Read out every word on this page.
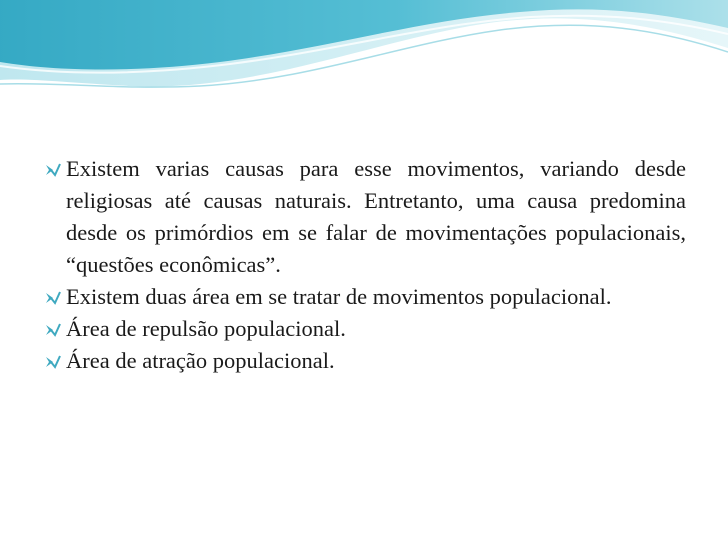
Existem varias causas para esse movimentos, variando desde religiosas até causas naturais. Entretanto, uma causa predomina desde os primórdios em se falar de movimentações populacionais, “questões econômicas”.
Existem duas área em se tratar de movimentos populacional.
Área de repulsão populacional.
Área de atração populacional.
